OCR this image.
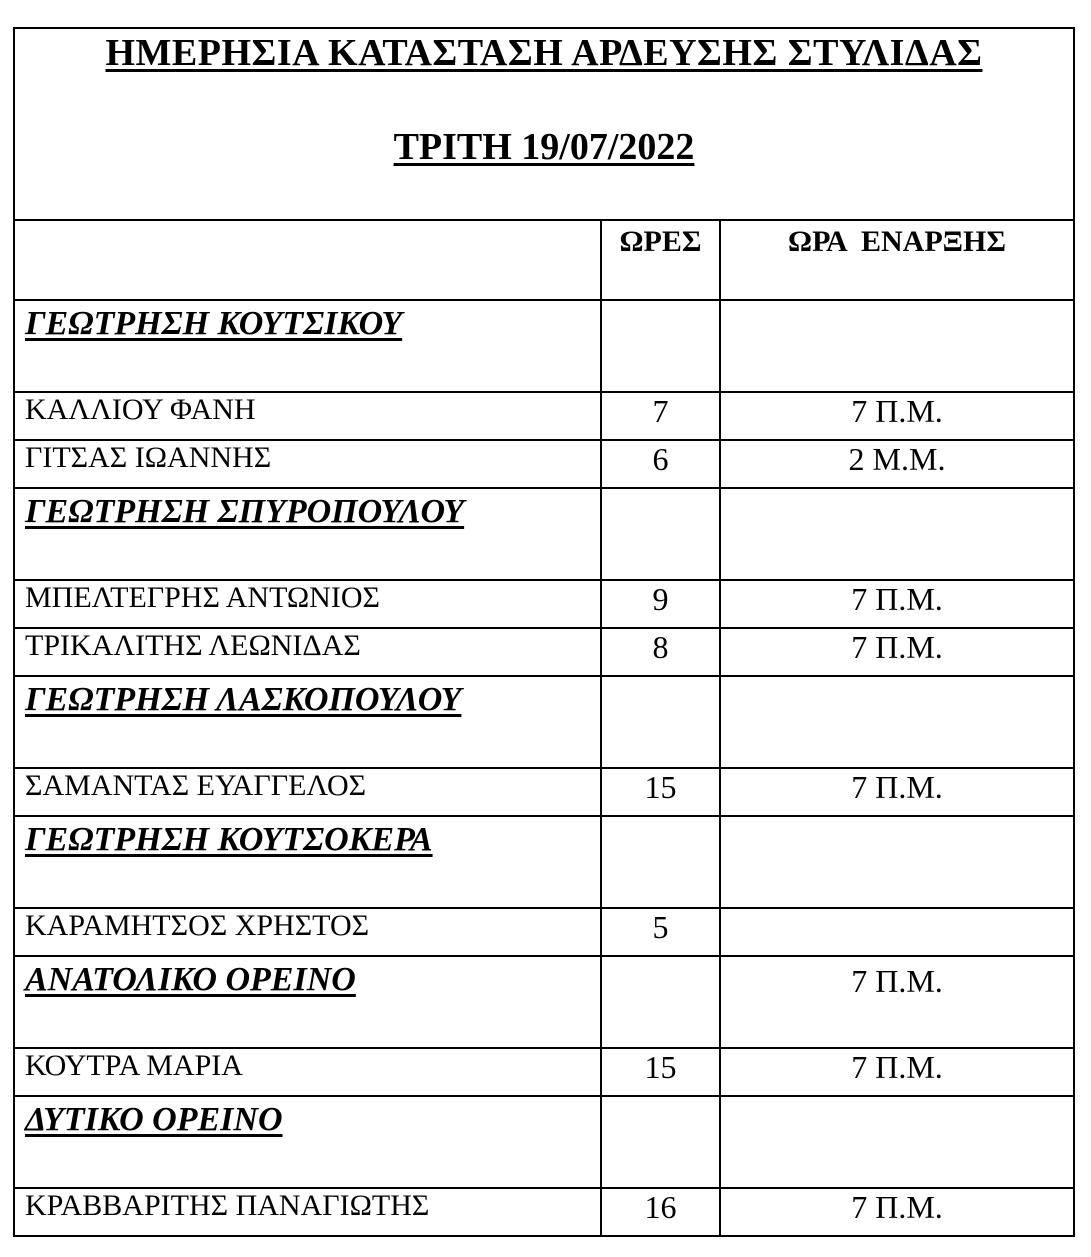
ΗΜΕΡΗΣΙΑ ΚΑΤΑΣΤΑΣΗ ΑΡΔΕΥΣΗΣ ΣΤΥΛΙΔΑΣ
ΤΡΙΤΗ 19/07/2022		

	ΩΡΕΣ	ΩΡΑ  ΕΝΑΡΞΗΣ
ΓΕΩΤΡΗΣΗ ΚΟΥΤΣΙΚΟΥ		
ΚΑΛΛΙΟΥ ΦΑΝΗ	7	7 Π.Μ.
ΓΙΤΣΑΣ ΙΩΑΝΝΗΣ	6	2 Μ.Μ.
ΓΕΩΤΡΗΣΗ ΣΠΥΡΟΠΟΥΛΟΥ		
ΜΠΕΛΤΕΓΡΗΣ ΑΝΤΩΝΙΟΣ	9	7 Π.Μ.
ΤΡΙΚΑΛΙΤΗΣ ΛΕΩΝΙΔΑΣ	8	7 Π.Μ.
ΓΕΩΤΡΗΣΗ ΛΑΣΚΟΠΟΥΛΟΥ		
ΣΑΜΑΝΤΑΣ ΕΥΑΓΓΕΛΟΣ	15	7 Π.Μ.
ΓΕΩΤΡΗΣΗ ΚΟΥΤΣΟΚΕΡΑ		
ΚΑΡΑΜΗΤΣΟΣ ΧΡΗΣΤΟΣ	5	
ΑΝΑΤΟΛΙΚΟ ΟΡΕΙΝΟ		7 Π.Μ.
ΚΟΥΤΡΑ ΜΑΡΙΑ	15	7 Π.Μ.
ΔΥΤΙΚΟ ΟΡΕΙΝΟ		
ΚΡΑΒΒΑΡΙΤΗΣ ΠΑΝΑΓΙΩΤΗΣ	16	7 Π.Μ.
